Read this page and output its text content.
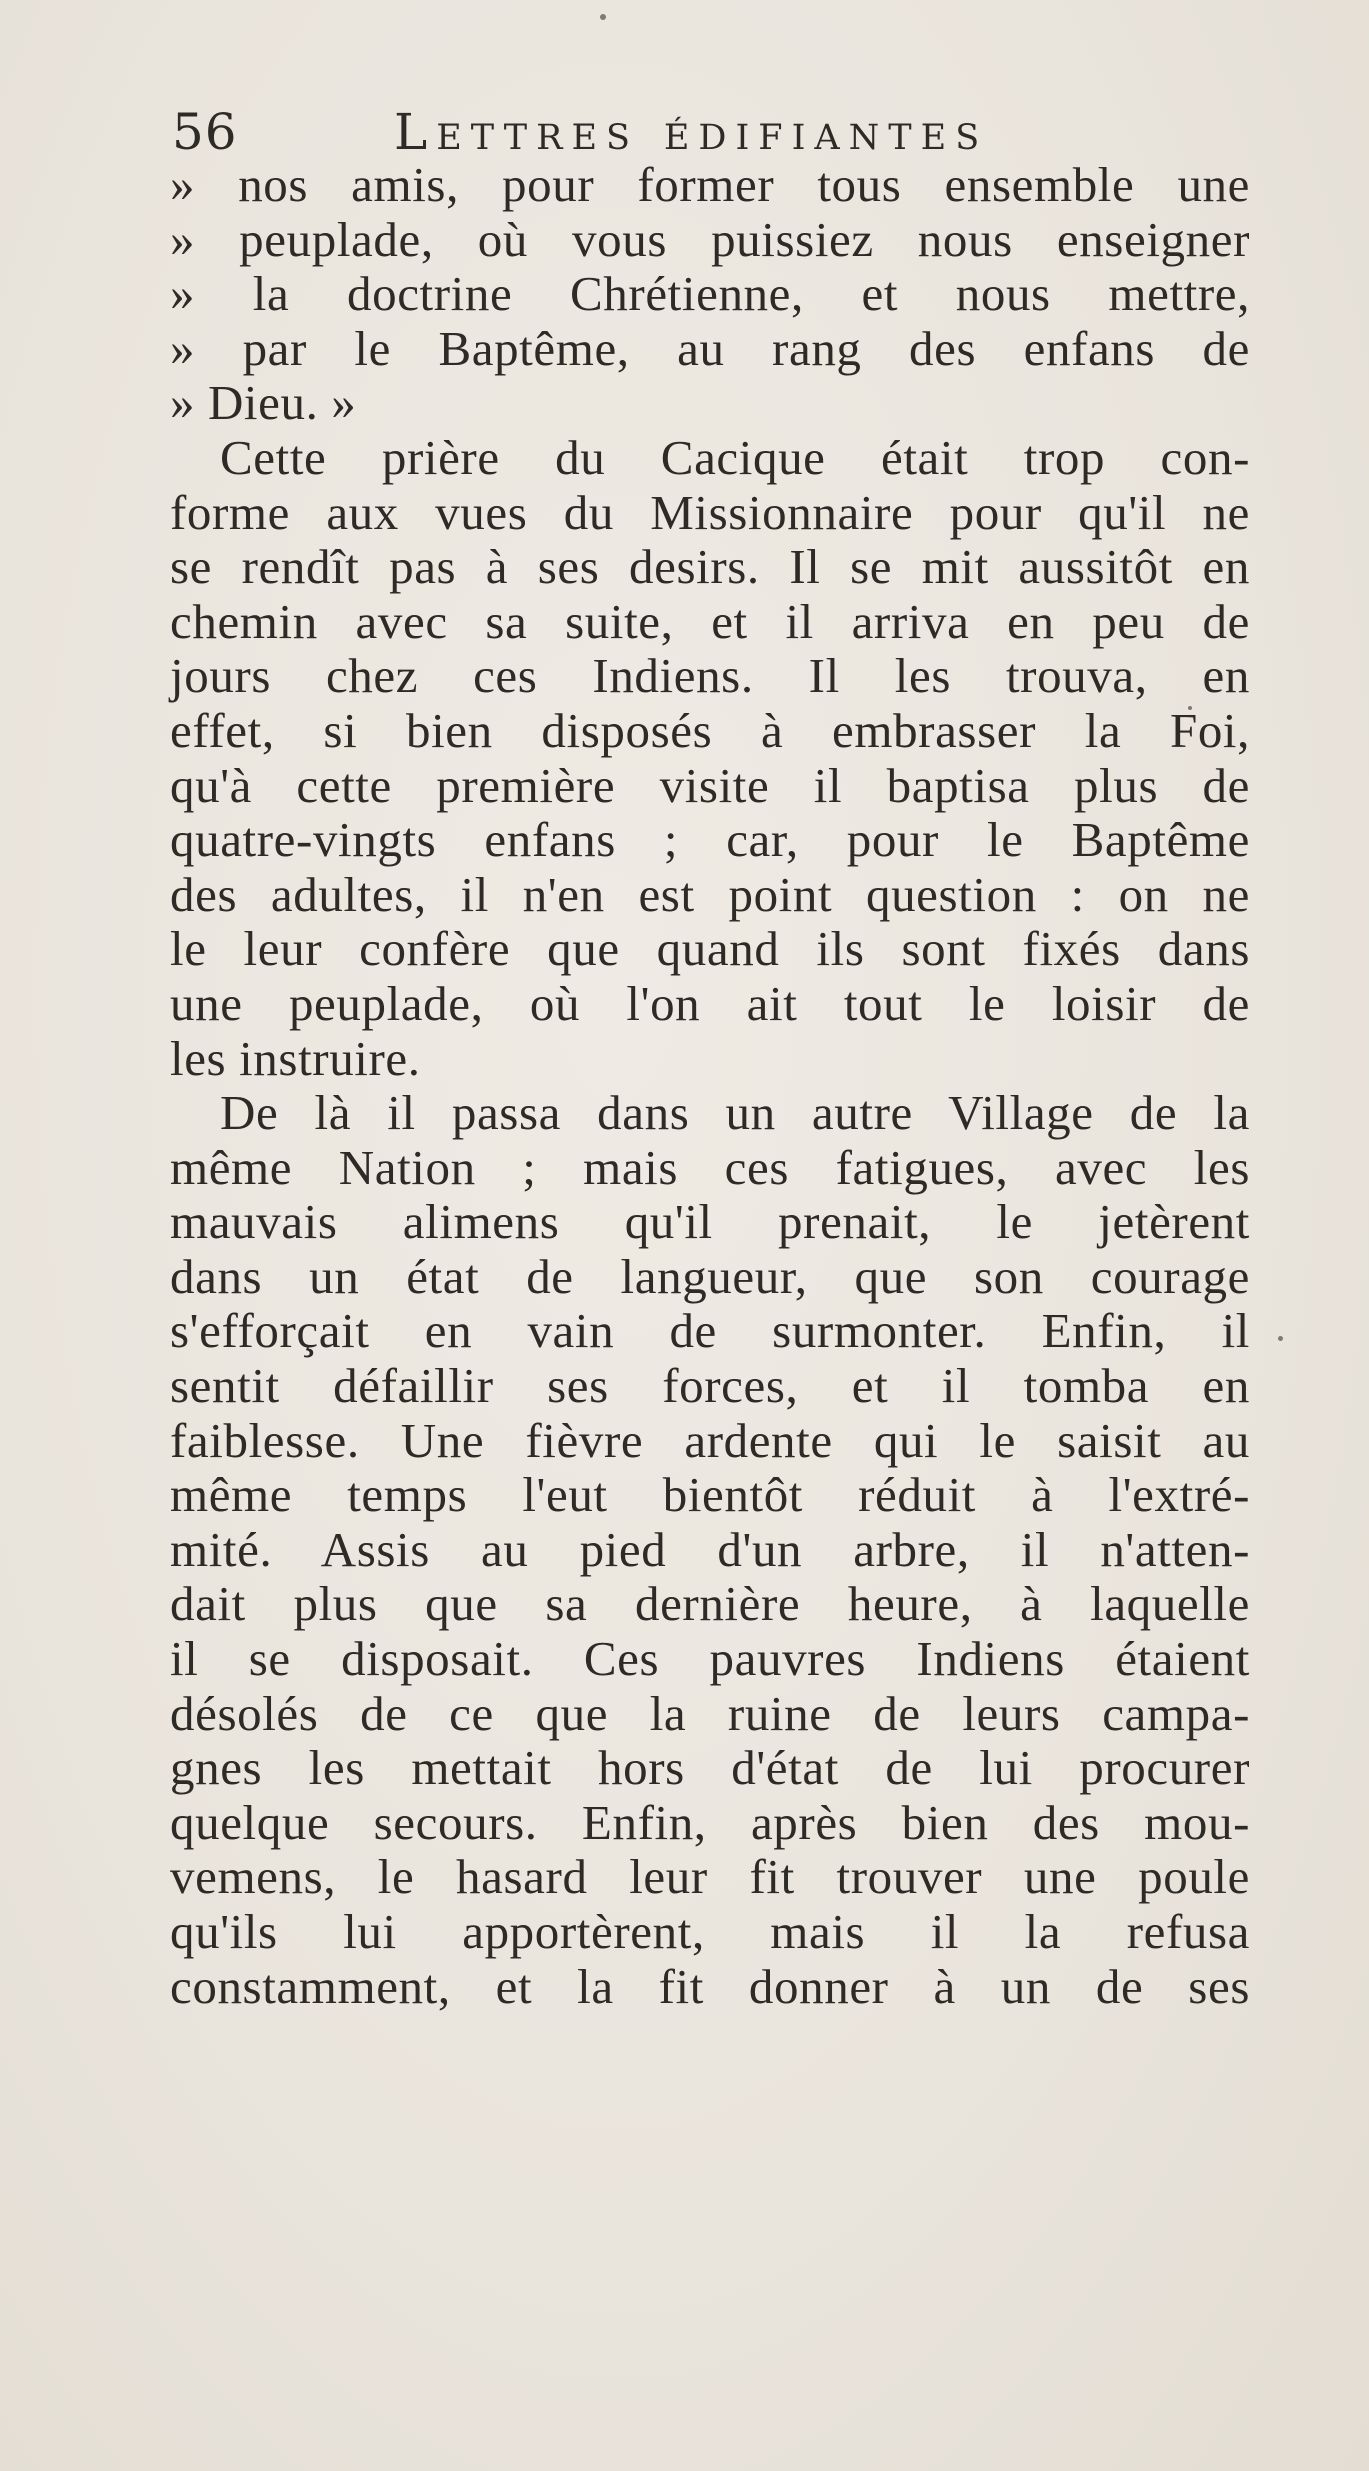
56	Lettres édifiantes
» nos amis, pour former tous ensemble une
» peuplade, où vous puissiez nous enseigner
» la doctrine Chrétienne, et nous mettre,
» par le Baptême, au rang des enfans de
» Dieu. »
Cette prière du Cacique était trop con-
forme aux vues du Missionnaire pour qu'il ne
se rendît pas à ses desirs. Il se mit aussitôt en
chemin avec sa suite, et il arriva en peu de
jours chez ces Indiens. Il les trouva, en
effet, si bien disposés à embrasser la Foi,
qu'à cette première visite il baptisa plus de
quatre-vingts enfans ; car, pour le Baptême
des adultes, il n'en est point question : on ne
le leur confère que quand ils sont fixés dans
une peuplade, où l'on ait tout le loisir de
les instruire.
De là il passa dans un autre Village de la
même Nation ; mais ces fatigues, avec les
mauvais alimens qu'il prenait, le jetèrent
dans un état de langueur, que son courage
s'efforçait en vain de surmonter. Enfin, il
sentit défaillir ses forces, et il tomba en
faiblesse. Une fièvre ardente qui le saisit au
même temps l'eut bientôt réduit à l'extré-
mité. Assis au pied d'un arbre, il n'atten-
dait plus que sa dernière heure, à laquelle
il se disposait. Ces pauvres Indiens étaient
désolés de ce que la ruine de leurs campa-
gnes les mettait hors d'état de lui procurer
quelque secours. Enfin, après bien des mou-
vemens, le hasard leur fit trouver une poule
qu'ils lui apportèrent, mais il la refusa
constamment, et la fit donner à un de ses
